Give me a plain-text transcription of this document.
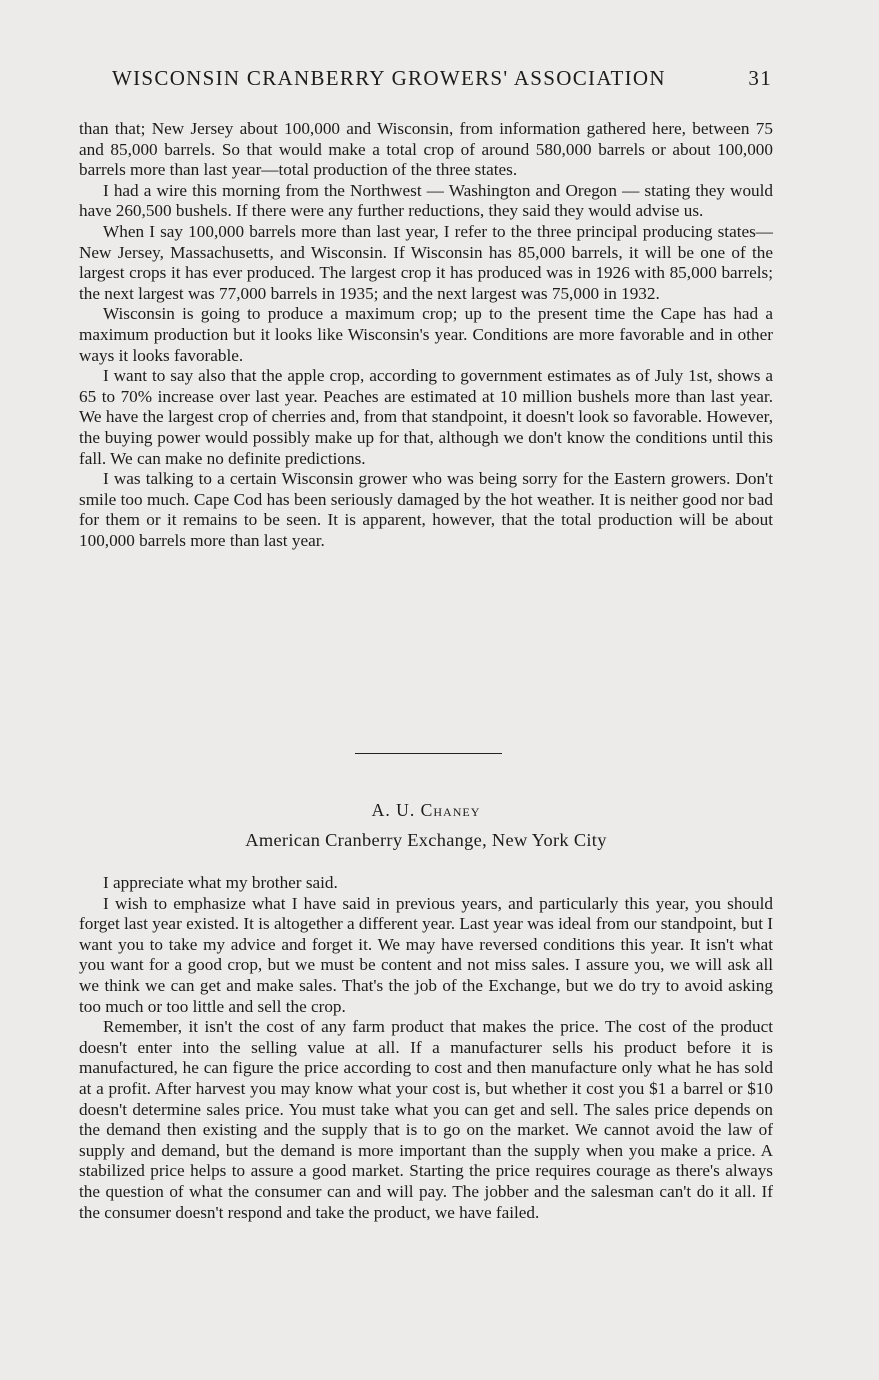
WISCONSIN CRANBERRY GROWERS' ASSOCIATION	31

than that; New Jersey about 100,000 and Wisconsin, from information gathered here, between 75 and 85,000 barrels. So that would make a total crop of around 580,000 barrels or about 100,000 barrels more than last year—total production of the three states.

I had a wire this morning from the Northwest — Washington and Oregon — stating they would have 260,500 bushels. If there were any further reductions, they said they would advise us.

When I say 100,000 barrels more than last year, I refer to the three principal producing states—New Jersey, Massachusetts, and Wisconsin. If Wisconsin has 85,000 barrels, it will be one of the largest crops it has ever produced. The largest crop it has produced was in 1926 with 85,000 barrels; the next largest was 77,000 barrels in 1935; and the next largest was 75,000 in 1932.

Wisconsin is going to produce a maximum crop; up to the present time the Cape has had a maximum production but it looks like Wisconsin's year. Conditions are more favorable and in other ways it looks favorable.

I want to say also that the apple crop, according to government estimates as of July 1st, shows a 65 to 70% increase over last year. Peaches are estimated at 10 million bushels more than last year. We have the largest crop of cherries and, from that standpoint, it doesn't look so favorable. However, the buying power would possibly make up for that, although we don't know the conditions until this fall. We can make no definite predictions.

I was talking to a certain Wisconsin grower who was being sorry for the Eastern growers. Don't smile too much. Cape Cod has been seriously damaged by the hot weather. It is neither good nor bad for them or it remains to be seen. It is apparent, however, that the total production will be about 100,000 barrels more than last year.

A. U. Chaney
American Cranberry Exchange, New York City

I appreciate what my brother said.

I wish to emphasize what I have said in previous years, and particularly this year, you should forget last year existed. It is altogether a different year. Last year was ideal from our standpoint, but I want you to take my advice and forget it. We may have reversed conditions this year. It isn't what you want for a good crop, but we must be content and not miss sales. I assure you, we will ask all we think we can get and make sales. That's the job of the Exchange, but we do try to avoid asking too much or too little and sell the crop.

Remember, it isn't the cost of any farm product that makes the price. The cost of the product doesn't enter into the selling value at all. If a manufacturer sells his product before it is manufactured, he can figure the price according to cost and then manufacture only what he has sold at a profit. After harvest you may know what your cost is, but whether it cost you $1 a barrel or $10 doesn't determine sales price. You must take what you can get and sell. The sales price depends on the demand then existing and the supply that is to go on the market. We cannot avoid the law of supply and demand, but the demand is more important than the supply when you make a price. A stabilized price helps to assure a good market. Starting the price requires courage as there's always the question of what the consumer can and will pay. The jobber and the salesman can't do it all. If the consumer doesn't respond and take the product, we have failed.
